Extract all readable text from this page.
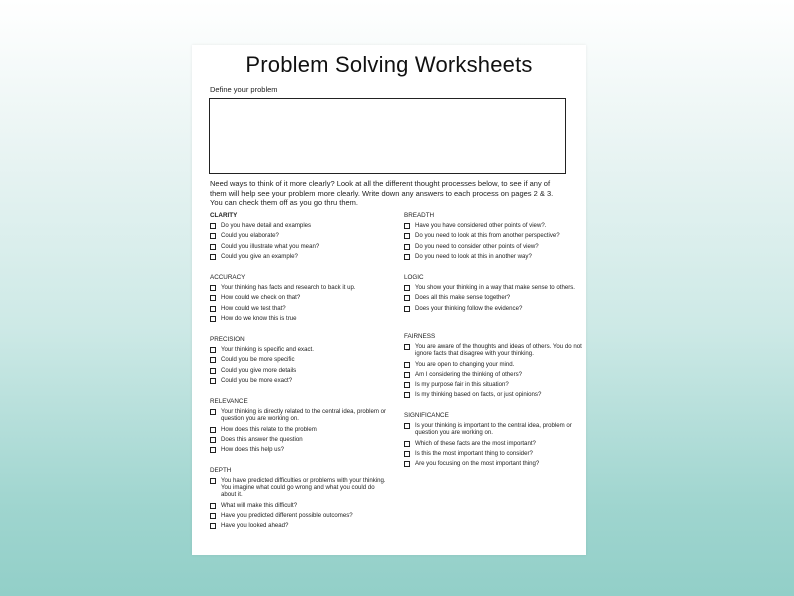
Problem Solving Worksheets
Define your problem
Need ways to think of it more clearly? Look at all the different thought processes below, to see if any of them will help see your problem more clearly. Write down any answers to each process on pages 2 & 3. You can check them off as you go thru them.
CLARITY
Do you have detail and examples
Could you elaborate?
Could you illustrate what you mean?
Could you give an example?
ACCURACY
Your thinking has facts and research to back it up.
How could we check on that?
How could we test that?
How do we know this is true
PRECISION
Your thinking is specific and exact.
Could you be more specific
Could you give more details
Could you be more exact?
RELEVANCE
Your thinking is directly related to the central idea, problem or question you are working on.
How does this relate to the problem
Does this answer the question
How does this help us?
DEPTH
You have predicted difficulties or problems with your thinking. You imagine what could go wrong and what you could do about it.
What will make this difficult?
Have you predicted different possible outcomes?
Have you looked ahead?
BREADTH
Have you have considered other points of view?.
Do you need to look at this from another perspective?
Do you need to consider other points of view?
Do you need to look at this in another way?
LOGIC
You show your thinking in a way that make sense to others.
Does all this make sense together?
Does your thinking follow the evidence?
FAIRNESS
You are aware of the thoughts and ideas of others. You do not ignore facts that disagree with your thinking.
You are open to changing your mind.
Am I considering the thinking of others?
Is my purpose fair in this situation?
Is my thinking based on facts, or just opinions?
SIGNIFICANCE
Is your thinking is important to the central idea, problem or question you are working on.
Which of these facts are the most important?
Is this the most important thing to consider?
Are you focusing on the most important thing?
